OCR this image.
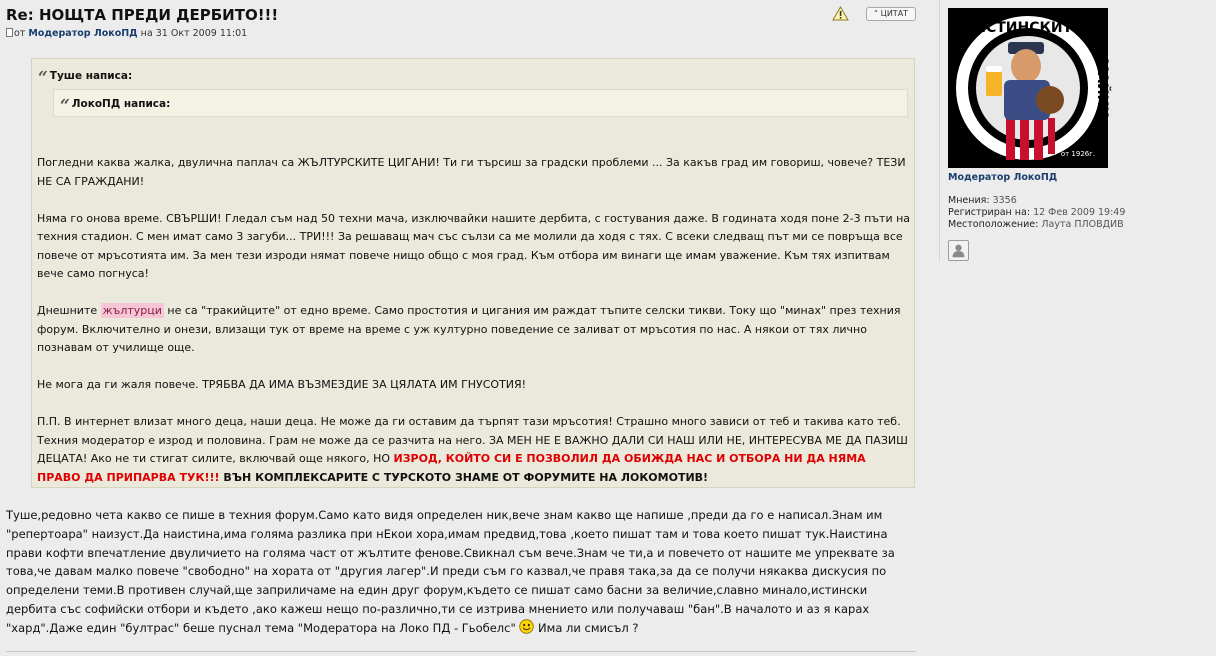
Re: НОЩТА ПРЕДИ ДЕРБИТО!!!	“ ЦИТАТ
от Модератор ЛокоПД на 31 Окт 2009 11:01
“ Туше написа:
“ ЛокоПД написа:

Погледни каква жалка, двулична паплач са ЖЪЛТУРСКИТЕ ЦИГАНИ! Ти ги търсиш за градски проблеми ... За какъв град им говориш, човече? ТЕЗИ НЕ СА ГРАЖДАНИ!

Няма го онова време. СВЪРШИ! Гледал съм над 50 техни мача, изключвайки нашите дербита, с гостувания даже. В годината ходя поне 2-3 пъти на техния стадион. С мен имат само 3 загуби... ТРИ!!! За решаващ мач със сълзи са ме молили да ходя с тях. С всеки следващ път ми се повръща все повече от мръсотията им. За мен тези изроди нямат повече нищо общо с моя град. Към отбора им винаги ще имам уважение. Към тях изпитвам вече само погнуса!

Днешните жълтурци не са "тракийците" от едно време. Само простотия и цигания им раждат тъпите селски тикви. Току що "минах" през техния форум. Включително и онези, влизащи тук от време на време с уж културно поведение се заливат от мръсотия по нас. А някои от тях лично познавам от училище още.

Не мога да ги жаля повече. ТРЯБВА ДА ИМА ВЪЗМЕЗДИЕ ЗА ЦЯЛАТА ИМ ГНУСОТИЯ!

П.П. В интернет влизат много деца, наши деца. Не може да ги оставим да търпят тази мръсотия! Страшно много зависи от теб и такива като теб. Техния модератор е изрод и половина. Грам не може да се разчита на него. ЗА МЕН НЕ Е ВАЖНО ДАЛИ СИ НАШ ИЛИ НЕ, ИНТЕРЕСУВА МЕ ДА ПАЗИШ ДЕЦАТА! Ако не ти стигат силите, включвай още някого, НО ИЗРОД, КОЙТО СИ Е ПОЗВОЛИЛ ДА ОБИЖДА НАС И ОТБОРА НИ ДА НЯМА ПРАВО ДА ПРИПАРВА ТУК!!! ВЪН КОМПЛЕКСАРИТЕ С ТУРСКОТО ЗНАМЕ ОТ ФОРУМИТЕ НА ЛОКОМОТИВ!

Туше,редовно чета какво се пише в техния форум.Само като видя определен ник,вече знам какво ще напише ,преди да го е написал.Знам им "репертоара" наизуст.Да наистина,има голяма разлика при нЕкои хора,имам предвид,това ,което пишат там и това което пишат тук.Наистина прави кофти впечатление двуличието на голяма част от жълтите фенове.Свикнал съм вече.Знам че ти,а и повечето от нашите ме упреквате за това,че давам малко повече "свободно" на хората от "другия лагер".И преди съм го казвал,че правя така,за да се получи някаква дискусия по определени теми.В противен случай,ще заприличаме на един друг форум,където се пишат само басни за величие,славно минало,истински дербита със софийски отбори и където ,ако кажеш нещо по-различно,ти се изтрива мнението или получаваш "бан".В началото и аз я карах "хард".Даже един "бултрас" беше пуснал тема "Модератора на Локо ПД - Гьобелс"  Има ли смисъл ?
ИСТИНСКИТЕ
МАЙКИ
от 1926г.
Модератор ЛокоПД
Мнения: 3356
Регистриран на: 12 Фев 2009 19:49
Местоположение: Лаута ПЛОВДИВ
